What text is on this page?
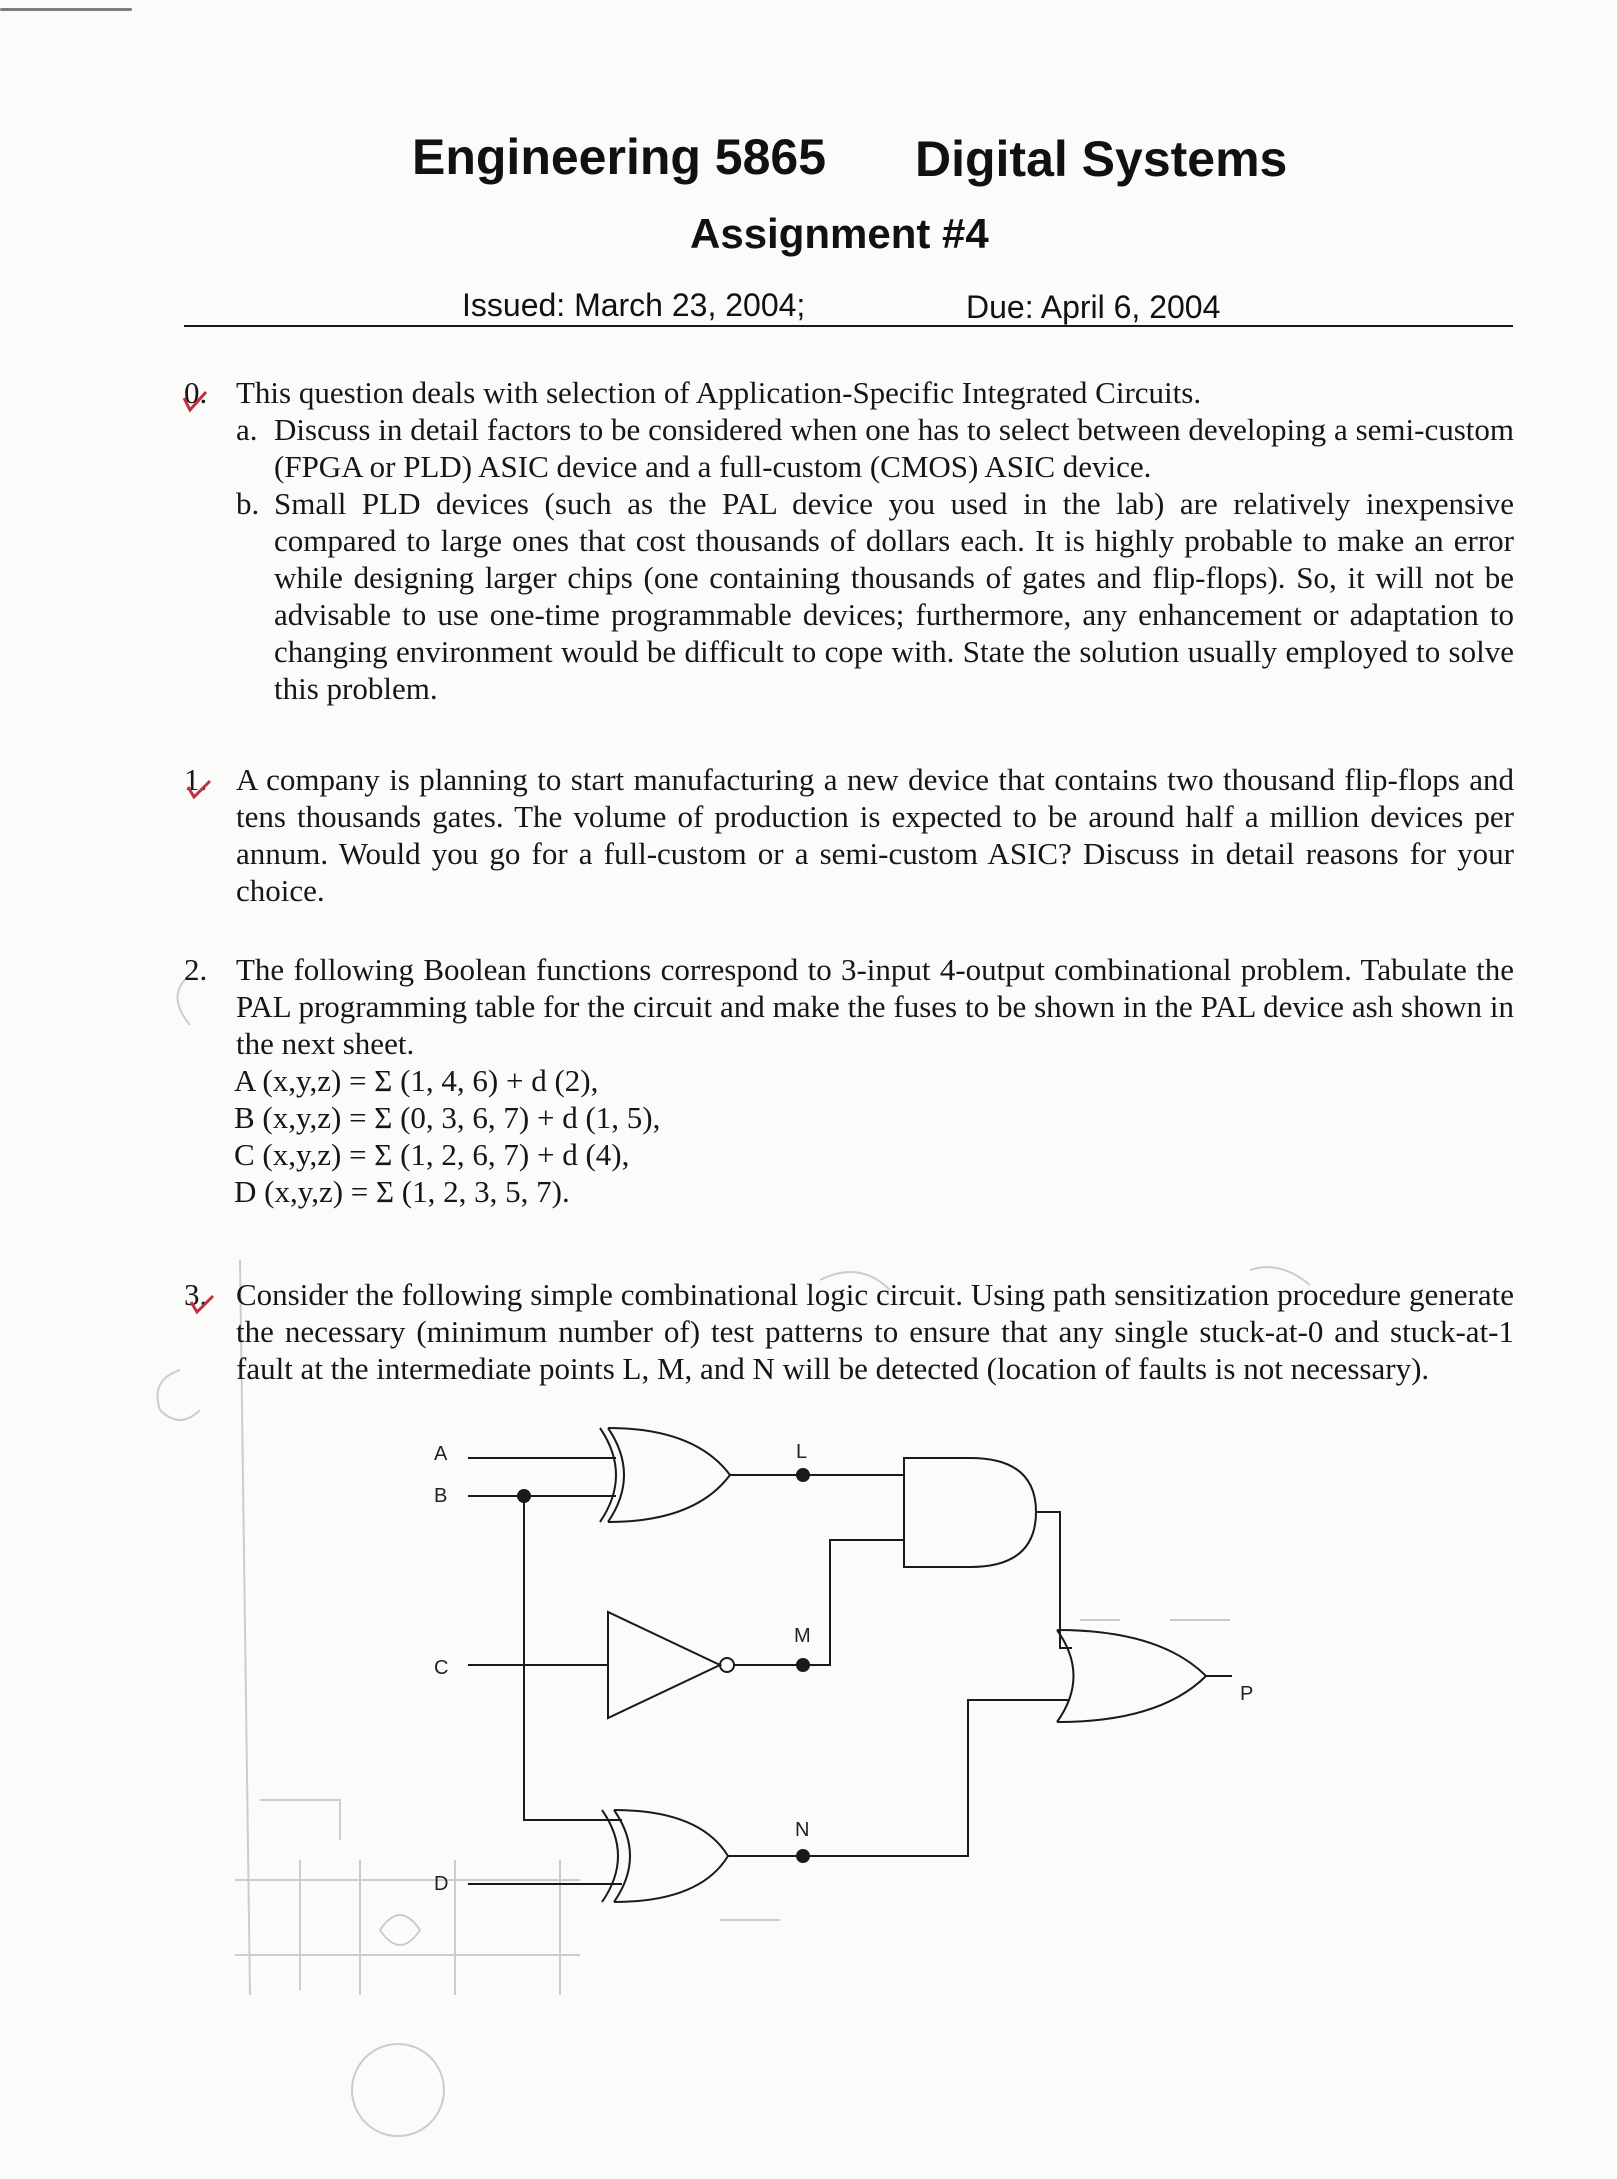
Engineering 5865 Digital Systems
Assignment #4
Issued: March 23, 2004;	Due: April 6, 2004
0. This question deals with selection of Application-Specific Integrated Circuits.
a. Discuss in detail factors to be considered when one has to select between developing a semi-custom (FPGA or PLD) ASIC device and a full-custom (CMOS) ASIC device.
b. Small PLD devices (such as the PAL device you used in the lab) are relatively inexpensive compared to large ones that cost thousands of dollars each. It is highly probable to make an error while designing larger chips (one containing thousands of gates and flip-flops). So, it will not be advisable to use one-time programmable devices; furthermore, any enhancement or adaptation to changing environment would be difficult to cope with. State the solution usually employed to solve this problem.
1. A company is planning to start manufacturing a new device that contains two thousand flip-flops and tens thousands gates. The volume of production is expected to be around half a million devices per annum. Would you go for a full-custom or a semi-custom ASIC? Discuss in detail reasons for your choice.
2. The following Boolean functions correspond to 3-input 4-output combinational problem. Tabulate the PAL programming table for the circuit and make the fuses to be shown in the PAL device ash shown in the next sheet.
A (x,y,z) = Σ (1, 4, 6) + d (2),
B (x,y,z) = Σ (0, 3, 6, 7) + d (1, 5),
C (x,y,z) = Σ (1, 2, 6, 7) + d (4),
D (x,y,z) = Σ (1, 2, 3, 5, 7).
3. Consider the following simple combinational logic circuit. Using path sensitization procedure generate the necessary (minimum number of) test patterns to ensure that any single stuck-at-0 and stuck-at-1 fault at the intermediate points L, M, and N will be detected (location of faults is not necessary).
A
B
C
D
L
M
N
P
